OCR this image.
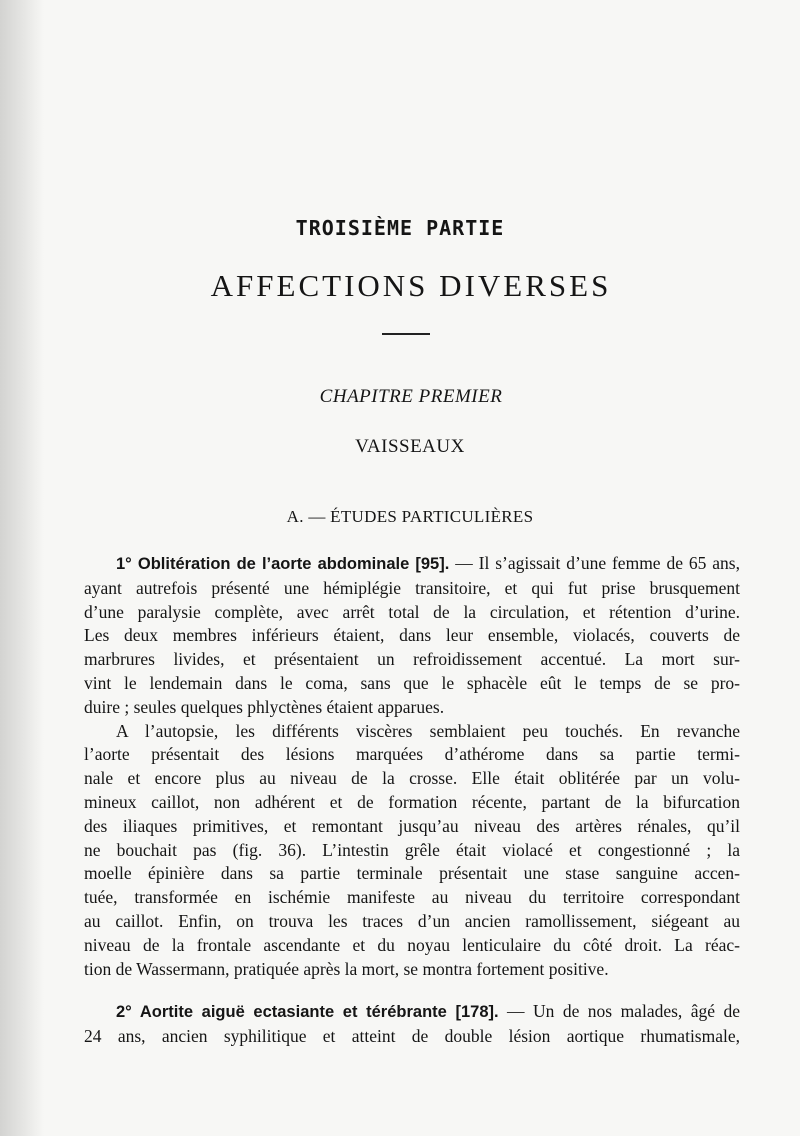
TROISIÈME PARTIE
AFFECTIONS DIVERSES
CHAPITRE PREMIER
VAISSEAUX
A. — ÉTUDES PARTICULIÈRES
1° Oblitération de l’aorte abdominale [95]. — Il s’agissait d’une femme de 65 ans,
ayant autrefois présenté une hémiplégie transitoire, et qui fut prise brusquement
d’une paralysie complète, avec arrêt total de la circulation, et rétention d’urine.
Les deux membres inférieurs étaient, dans leur ensemble, violacés, couverts de
marbrures livides, et présentaient un refroidissement accentué. La mort sur-
vint le lendemain dans le coma, sans que le sphacèle eût le temps de se pro-
duire ; seules quelques phlyctènes étaient apparues.
A l’autopsie, les différents viscères semblaient peu touchés. En revanche
l’aorte présentait des lésions marquées d’athérome dans sa partie termi-
nale et encore plus au niveau de la crosse. Elle était oblitérée par un volu-
mineux caillot, non adhérent et de formation récente, partant de la bifurcation
des iliaques primitives, et remontant jusqu’au niveau des artères rénales, qu’il
ne bouchait pas (fig. 36). L’intestin grêle était violacé et congestionné ; la
moelle épinière dans sa partie terminale présentait une stase sanguine accen-
tuée, transformée en ischémie manifeste au niveau du territoire correspondant
au caillot. Enfin, on trouva les traces d’un ancien ramollissement, siégeant au
niveau de la frontale ascendante et du noyau lenticulaire du côté droit. La réac-
tion de Wassermann, pratiquée après la mort, se montra fortement positive.
2° Aortite aiguë ectasiante et térébrante [178]. — Un de nos malades, âgé de
24 ans, ancien syphilitique et atteint de double lésion aortique rhumatismale,
